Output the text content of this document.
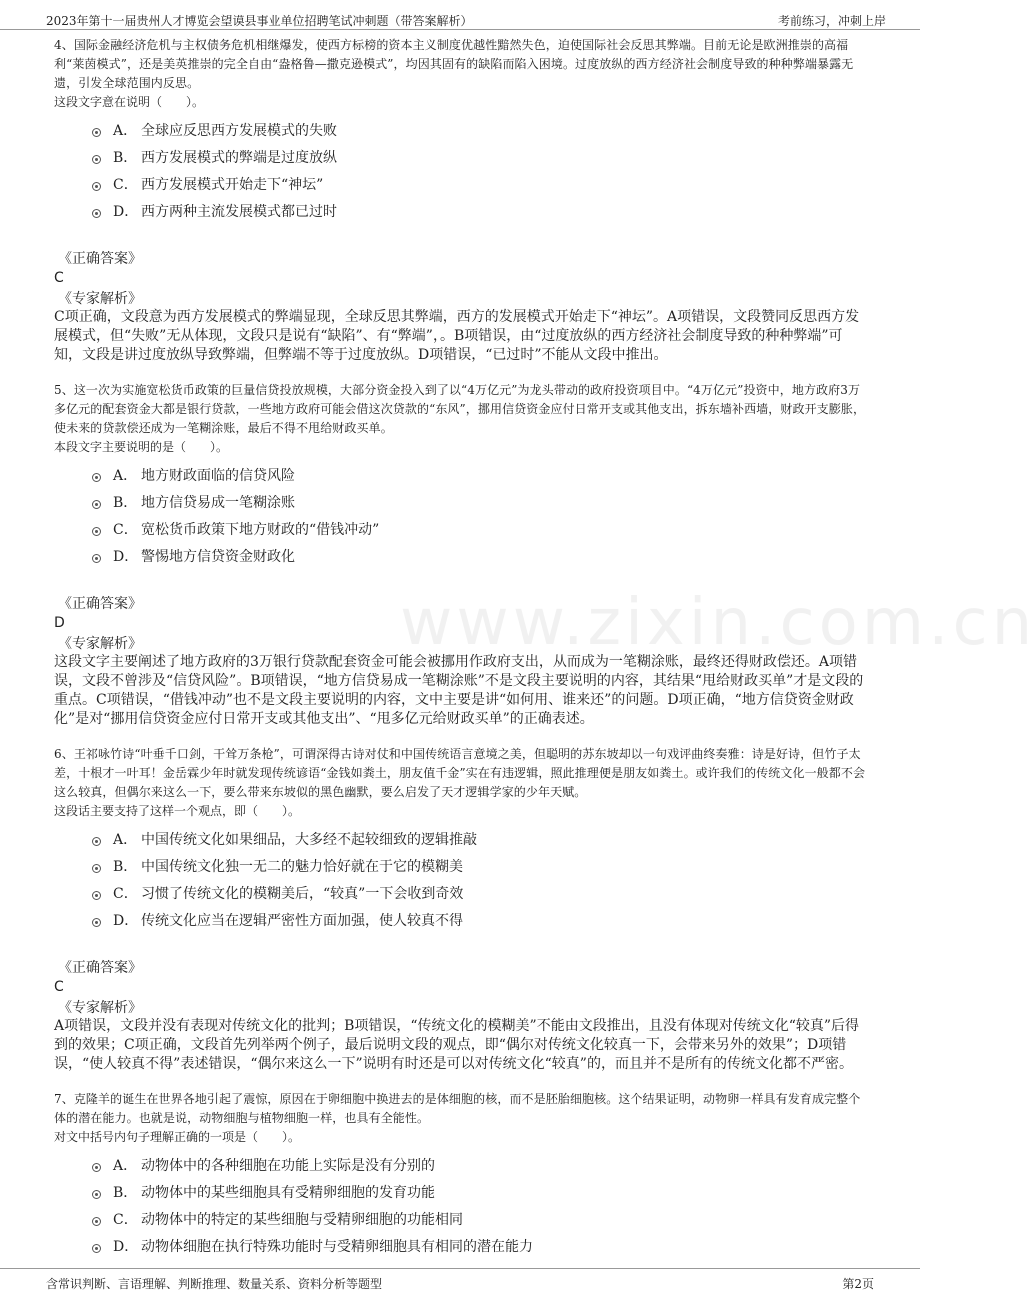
2023年第十一届贵州人才博览会望谟县事业单位招聘笔试冲刺题（带答案解析）	考前练习，冲刺上岸
www.zixin.com.cn

4、国际金融经济危机与主权债务危机相继爆发，使西方标榜的资本主义制度优越性黯然失色，迫使国际社会反思其弊端。目前无论是欧洲推崇的高福利“莱茵模式”，还是美英推崇的完全自由“盎格鲁—撒克逊模式”，均因其固有的缺陷而陷入困境。过度放纵的西方经济社会制度导致的种种弊端暴露无遗，引发全球范围内反思。

这段文字意在说明（　　）。

A． 全球应反思西方发展模式的失败
B． 西方发展模式的弊端是过度放纵
C． 西方发展模式开始走下“神坛”
D． 西方两种主流发展模式都已过时

《正确答案》

C

《专家解析》

C项正确，文段意为西方发展模式的弊端显现，全球反思其弊端，西方的发展模式开始走下“神坛”。A项错误，文段赞同反思西方发展模式，但“失败”无从体现，文段只是说有“缺陷”、有“弊端”，。B项错误，由“过度放纵的西方经济社会制度导致的种种弊端”可知，文段是讲过度放纵导致弊端，但弊端不等于过度放纵。D项错误，“已过时”不能从文段中推出。

5、这一次为实施宽松货币政策的巨量信贷投放规模，大部分资金投入到了以“4万亿元”为龙头带动的政府投资项目中。“4万亿元”投资中，地方政府3万多亿元的配套资金大都是银行贷款，一些地方政府可能会借这次贷款的“东风”，挪用信贷资金应付日常开支或其他支出，拆东墙补西墙，财政开支膨胀，使未来的贷款偿还成为一笔糊涂账，最后不得不甩给财政买单。

本段文字主要说明的是（　　）。

A． 地方财政面临的信贷风险
B． 地方信贷易成一笔糊涂账
C． 宽松货币政策下地方财政的“借钱冲动”
D． 警惕地方信贷资金财政化

《正确答案》

D

《专家解析》

这段文字主要阐述了地方政府的3万银行贷款配套资金可能会被挪用作政府支出，从而成为一笔糊涂账，最终还得财政偿还。A项错误，文段不曾涉及“信贷风险”。B项错误，“地方信贷易成一笔糊涂账”不是文段主要说明的内容，其结果“甩给财政买单”才是文段的重点。C项错误，“借钱冲动”也不是文段主要说明的内容，文中主要是讲“如何用、谁来还”的问题。D项正确，“地方信贷资金财政化”是对“挪用信贷资金应付日常开支或其他支出”、“甩多亿元给财政买单”的正确表述。

6、王祁咏竹诗“叶垂千口剑，干耸万条枪”，可谓深得古诗对仗和中国传统语言意境之美，但聪明的苏东坡却以一句戏评曲终奏雅：诗是好诗，但竹子太差，十根才一叶耳！金岳霖少年时就发现传统谚语“金钱如粪土，朋友值千金”实在有违逻辑，照此推理便是朋友如粪土。或许我们的传统文化一般都不会这么较真，但偶尔来这么一下，要么带来东坡似的黑色幽默，要么启发了天才逻辑学家的少年天赋。

这段话主要支持了这样一个观点，即（　　）。

A． 中国传统文化如果细品，大多经不起较细致的逻辑推敲
B． 中国传统文化独一无二的魅力恰好就在于它的模糊美
C． 习惯了传统文化的模糊美后，“较真”一下会收到奇效
D． 传统文化应当在逻辑严密性方面加强，使人较真不得

《正确答案》

C

《专家解析》

A项错误，文段并没有表现对传统文化的批判；B项错误，“传统文化的模糊美”不能由文段推出，且没有体现对传统文化“较真”后得到的效果；C项正确，文段首先列举两个例子，最后说明文段的观点，即“偶尔对传统文化较真一下，会带来另外的效果”；D项错误，“使人较真不得”表述错误，“偶尔来这么一下”说明有时还是可以对传统文化“较真”的，而且并不是所有的传统文化都不严密。

7、克隆羊的诞生在世界各地引起了震惊，原因在于卵细胞中换进去的是体细胞的核，而不是胚胎细胞核。这个结果证明，动物卵一样具有发育成完整个体的潜在能力。也就是说，动物细胞与植物细胞一样，也具有全能性。

对文中括号内句子理解正确的一项是（　　）。

A． 动物体中的各种细胞在功能上实际是没有分别的
B． 动物体中的某些细胞具有受精卵细胞的发育功能
C． 动物体中的特定的某些细胞与受精卵细胞的功能相同
D． 动物体细胞在执行特殊功能时与受精卵细胞具有相同的潜在能力
含常识判断、言语理解、判断推理、数量关系、资料分析等题型	第2页
